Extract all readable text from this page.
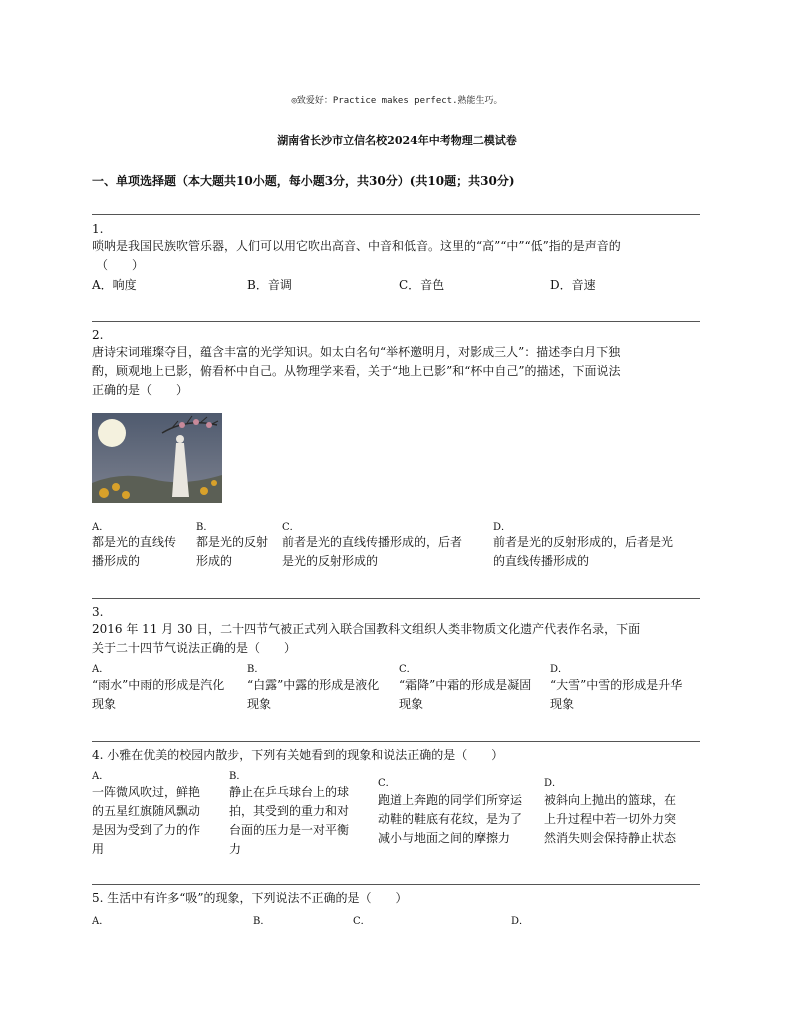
◎致爱好：Practice makes perfect.熟能生巧。
湖南省长沙市立信名校2024年中考物理二模试卷
一、单项选择题（本大题共10小题，每小题3分，共30分）(共10题；共30分)
1.
唢呐是我国民族吹管乐器，人们可以用它吹出高音、中音和低音。这里的“高”“中”“低”指的是声音的
（　　）
A．响度	B．音调	C．音色	D．音速
2.
唐诗宋词璀璨夺目，蕴含丰富的光学知识。如太白名句“举杯邀明月，对影成三人”：描述李白月下独
酌，顾观地上已影，俯看杯中自己。从物理学来看，关于“地上已影”和“杯中自己”的描述，下面说法
正确的是（　　）
A．
都是光的直线传
播形成的
B．
都是光的反射
形成的
C．
前者是光的直线传播形成的，后者
是光的反射形成的
D．
前者是光的反射形成的，后者是光
的直线传播形成的
3.
2016 年 11 月 30 日，二十四节气被正式列入联合国教科文组织人类非物质文化遗产代表作名录，下面
关于二十四节气说法正确的是（　　）
A．
“雨水”中雨的形成是汽化
现象
B．
“白露”中露的形成是液化
现象
C．
“霜降”中霜的形成是凝固
现象
D．
“大雪”中雪的形成是升华
现象
4. 小雅在优美的校园内散步，下列有关她看到的现象和说法正确的是（　　）
A．
一阵微风吹过，鲜艳
的五星红旗随风飘动
是因为受到了力的作
用
B．
静止在乒乓球台上的球
拍，其受到的重力和对
台面的压力是一对平衡
力
C．
跑道上奔跑的同学们所穿运
动鞋的鞋底有花纹，是为了
减小与地面之间的摩擦力
D．
被斜向上抛出的篮球，在
上升过程中若一切外力突
然消失则会保持静止状态
5. 生活中有许多“吸”的现象，下列说法不正确的是（　　）
A．	B．	C．	D．
